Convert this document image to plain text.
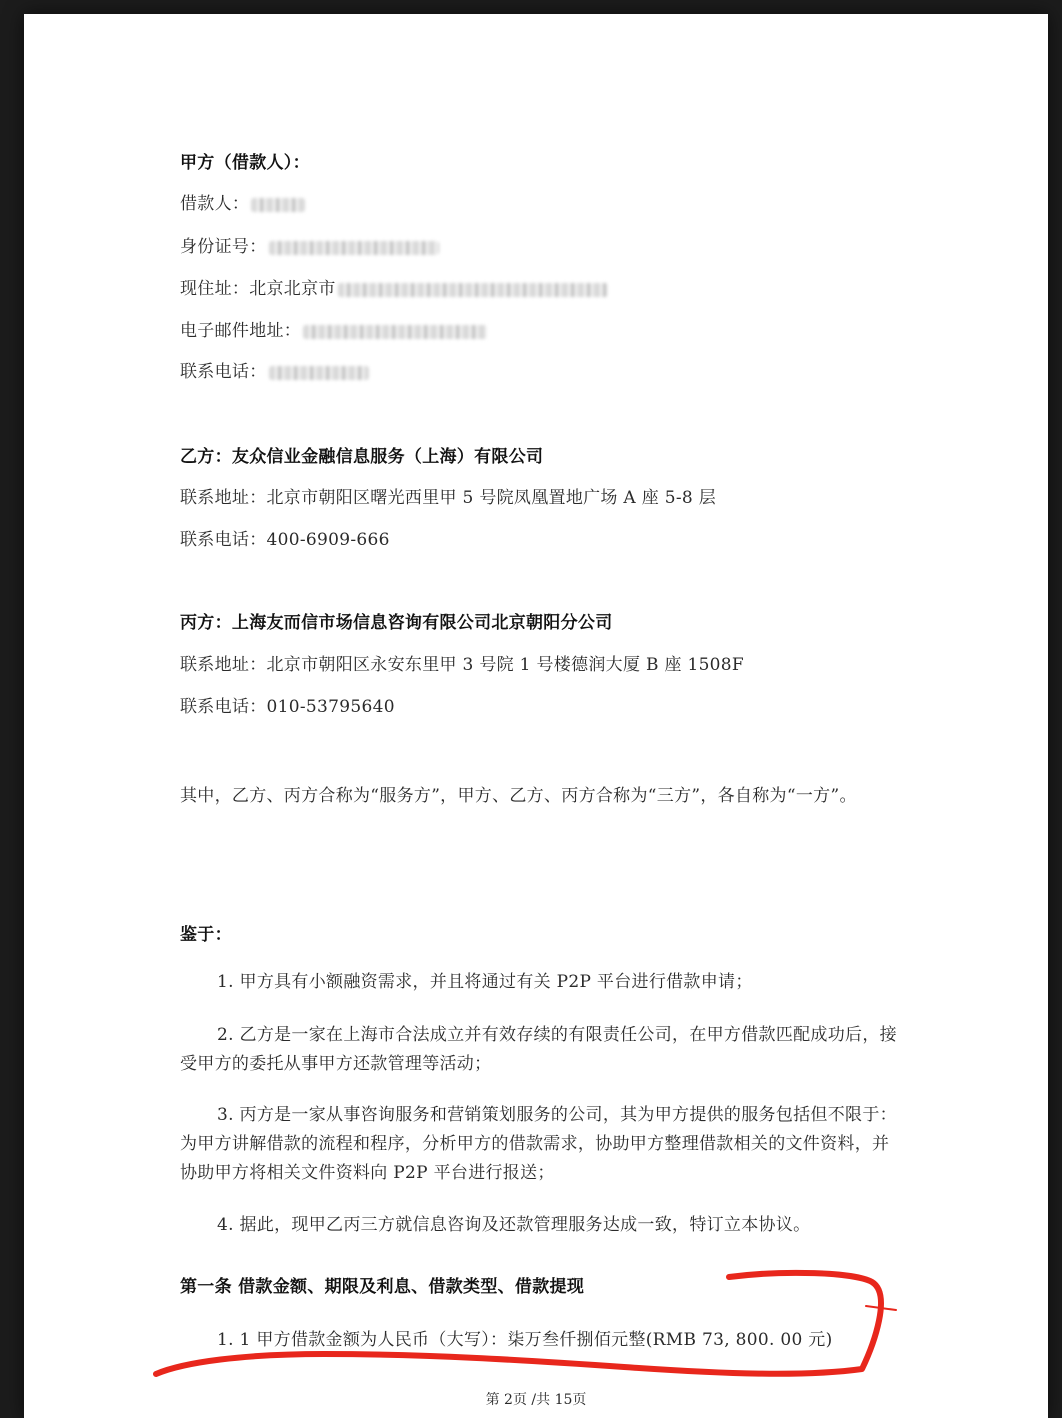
甲方（借款人）：
借款人：
身份证号：
现住址：北京北京市
电子邮件地址：
联系电话：
乙方：友众信业金融信息服务（上海）有限公司
联系地址：北京市朝阳区曙光西里甲 5 号院凤凰置地广场 A 座 5-8 层
联系电话：400-6909-666
丙方：上海友而信市场信息咨询有限公司北京朝阳分公司
联系地址：北京市朝阳区永安东里甲 3 号院 1 号楼德润大厦 B 座 1508F
联系电话：010-53795640
其中，乙方、丙方合称为“服务方”，甲方、乙方、丙方合称为“三方”，各自称为“一方”。
鉴于：
1. 甲方具有小额融资需求，并且将通过有关 P2P 平台进行借款申请；
2. 乙方是一家在上海市合法成立并有效存续的有限责任公司，在甲方借款匹配成功后，接受甲方的委托从事甲方还款管理等活动；
3. 丙方是一家从事咨询服务和营销策划服务的公司，其为甲方提供的服务包括但不限于：为甲方讲解借款的流程和程序，分析甲方的借款需求，协助甲方整理借款相关的文件资料，并协助甲方将相关文件资料向 P2P 平台进行报送；
4. 据此，现甲乙丙三方就信息咨询及还款管理服务达成一致，特订立本协议。
第一条 借款金额、期限及利息、借款类型、借款提现
1. 1 甲方借款金额为人民币（大写）：柒万叁仟捌佰元整(RMB 73, 800. 00 元)
第 2页 /共 15页
